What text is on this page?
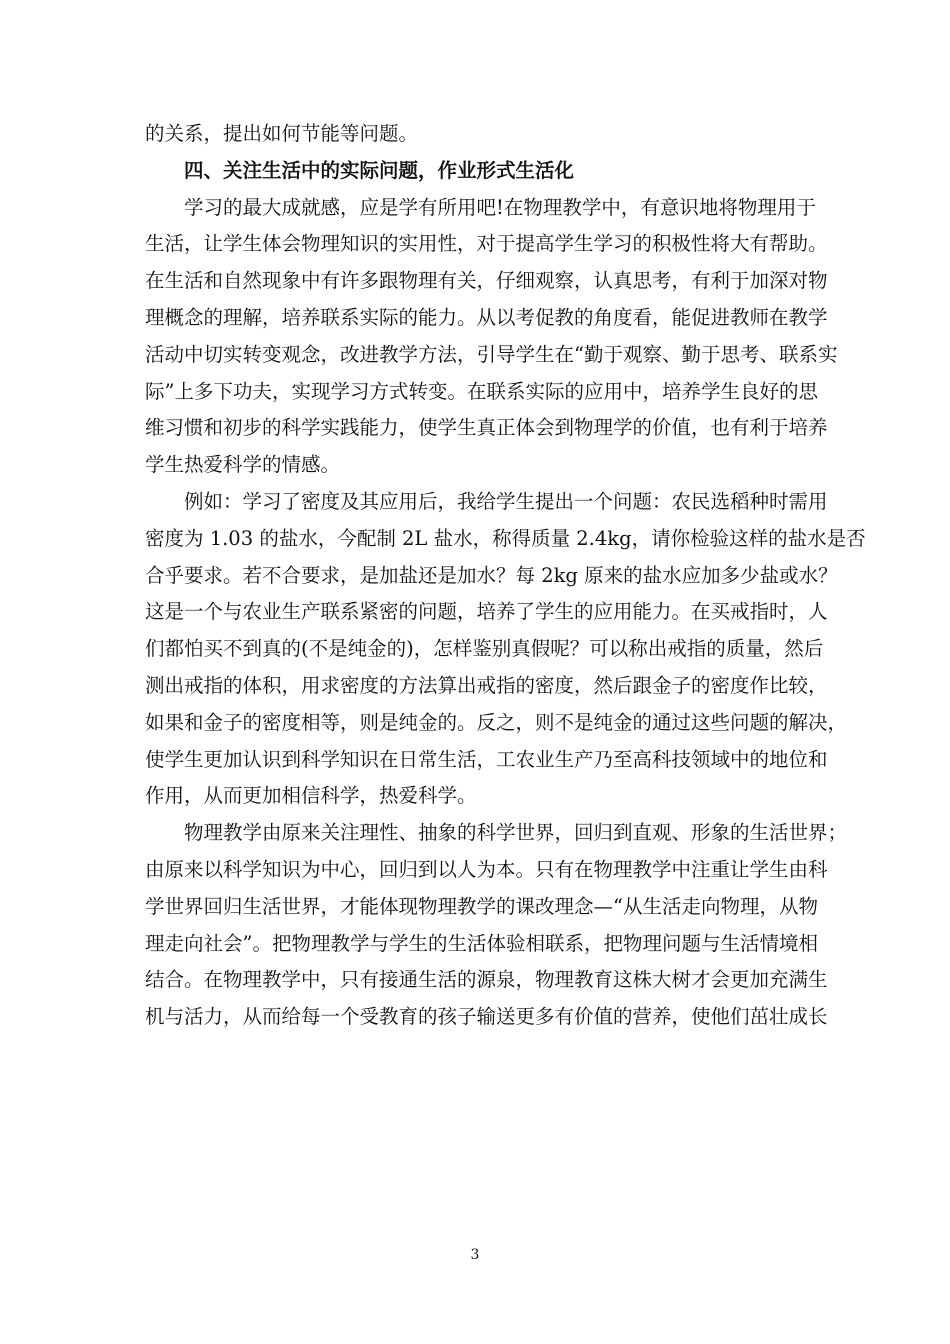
的关系，提出如何节能等问题。
四、关注生活中的实际问题，作业形式生活化
学习的最大成就感，应是学有所用吧!在物理教学中，有意识地将物理用于
生活，让学生体会物理知识的实用性，对于提高学生学习的积极性将大有帮助。
在生活和自然现象中有许多跟物理有关，仔细观察，认真思考，有利于加深对物
理概念的理解，培养联系实际的能力。从以考促教的角度看，能促进教师在教学
活动中切实转变观念，改进教学方法，引导学生在“勤于观察、勤于思考、联系实
际”上多下功夫，实现学习方式转变。在联系实际的应用中，培养学生良好的思
维习惯和初步的科学实践能力，使学生真正体会到物理学的价值，也有利于培养
学生热爱科学的情感。
例如：学习了密度及其应用后，我给学生提出一个问题：农民选稻种时需用
密度为 1.03 的盐水，今配制 2L 盐水，称得质量 2.4kg，请你检验这样的盐水是否
合乎要求。若不合要求，是加盐还是加水？每 2kg 原来的盐水应加多少盐或水？
这是一个与农业生产联系紧密的问题，培养了学生的应用能力。在买戒指时，人
们都怕买不到真的(不是纯金的)，怎样鉴别真假呢？可以称出戒指的质量，然后
测出戒指的体积，用求密度的方法算出戒指的密度，然后跟金子的密度作比较，
如果和金子的密度相等，则是纯金的。反之，则不是纯金的通过这些问题的解决，
使学生更加认识到科学知识在日常生活，工农业生产乃至高科技领域中的地位和
作用，从而更加相信科学，热爱科学。
物理教学由原来关注理性、抽象的科学世界，回归到直观、形象的生活世界；
由原来以科学知识为中心，回归到以人为本。只有在物理教学中注重让学生由科
学世界回归生活世界，才能体现物理教学的课改理念—“从生活走向物理，从物
理走向社会”。把物理教学与学生的生活体验相联系，把物理问题与生活情境相
结合。在物理教学中，只有接通生活的源泉，物理教育这株大树才会更加充满生
机与活力，从而给每一个受教育的孩子输送更多有价值的营养，使他们茁壮成长
3
